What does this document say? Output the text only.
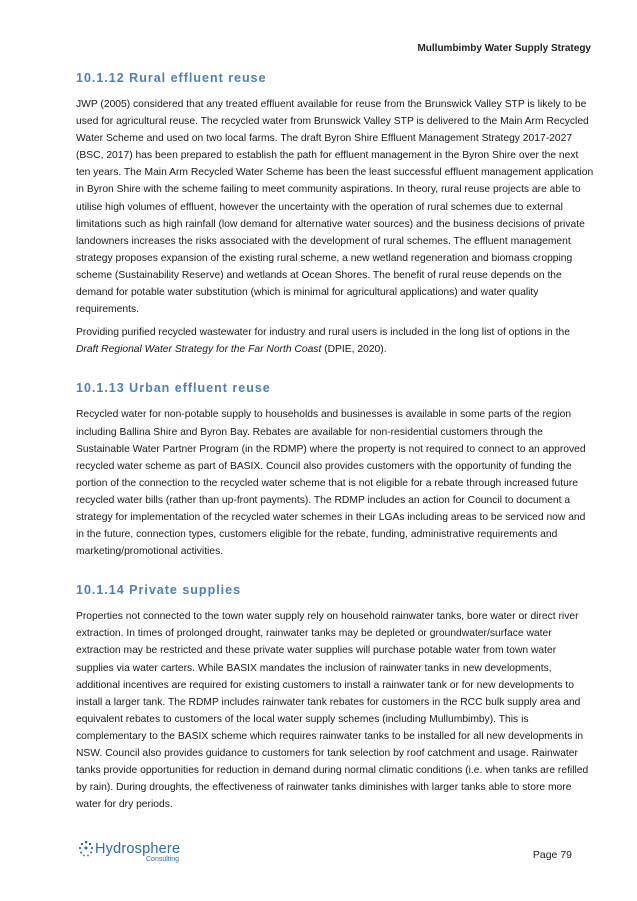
Mullumbimby Water Supply Strategy
10.1.12 Rural effluent reuse

JWP (2005) considered that any treated effluent available for reuse from the Brunswick Valley STP is likely to be used for agricultural reuse. The recycled water from Brunswick Valley STP is delivered to the Main Arm Recycled Water Scheme and used on two local farms. The draft Byron Shire Effluent Management Strategy 2017-2027 (BSC, 2017) has been prepared to establish the path for effluent management in the Byron Shire over the next ten years. The Main Arm Recycled Water Scheme has been the least successful effluent management application in Byron Shire with the scheme failing to meet community aspirations. In theory, rural reuse projects are able to utilise high volumes of effluent, however the uncertainty with the operation of rural schemes due to external limitations such as high rainfall (low demand for alternative water sources) and the business decisions of private landowners increases the risks associated with the development of rural schemes. The effluent management strategy proposes expansion of the existing rural scheme, a new wetland regeneration and biomass cropping scheme (Sustainability Reserve) and wetlands at Ocean Shores. The benefit of rural reuse depends on the demand for potable water substitution (which is minimal for agricultural applications) and water quality requirements.

Providing purified recycled wastewater for industry and rural users is included in the long list of options in the Draft Regional Water Strategy for the Far North Coast (DPIE, 2020).

10.1.13 Urban effluent reuse

Recycled water for non-potable supply to households and businesses is available in some parts of the region including Ballina Shire and Byron Bay. Rebates are available for non-residential customers through the Sustainable Water Partner Program (in the RDMP) where the property is not required to connect to an approved recycled water scheme as part of BASIX. Council also provides customers with the opportunity of funding the portion of the connection to the recycled water scheme that is not eligible for a rebate through increased future recycled water bills (rather than up-front payments). The RDMP includes an action for Council to document a strategy for implementation of the recycled water schemes in their LGAs including areas to be serviced now and in the future, connection types, customers eligible for the rebate, funding, administrative requirements and marketing/promotional activities.

10.1.14 Private supplies

Properties not connected to the town water supply rely on household rainwater tanks, bore water or direct river extraction. In times of prolonged drought, rainwater tanks may be depleted or groundwater/surface water extraction may be restricted and these private water supplies will purchase potable water from town water supplies via water carters. While BASIX mandates the inclusion of rainwater tanks in new developments, additional incentives are required for existing customers to install a rainwater tank or for new developments to install a larger tank. The RDMP includes rainwater tank rebates for customers in the RCC bulk supply area and equivalent rebates to customers of the local water supply schemes (including Mullumbimby). This is complementary to the BASIX scheme which requires rainwater tanks to be installed for all new developments in NSW. Council also provides guidance to customers for tank selection by roof catchment and usage. Rainwater tanks provide opportunities for reduction in demand during normal climatic conditions (i.e. when tanks are refilled by rain). During droughts, the effectiveness of rainwater tanks diminishes with larger tanks able to store more water for dry periods.

Hydrosphere
Consulting	Page 79
